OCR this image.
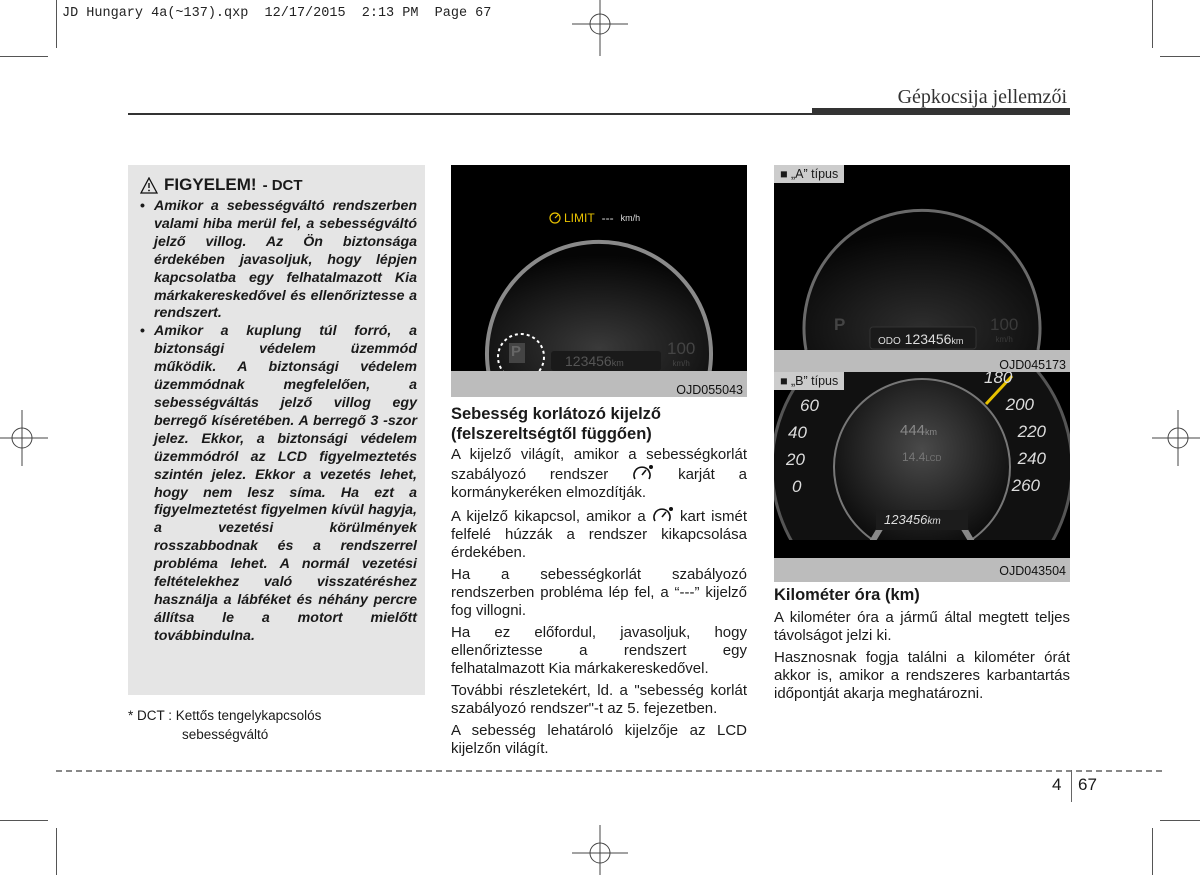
JD Hungary 4a(~137).qxp  12/17/2015  2:13 PM  Page 67
Gépkocsija jellemzői
FIGYELEM! - DCT
• Amikor a sebességváltó rendszerben valami hiba merül fel, a sebességváltó jelző villog. Az Ön biztonsága érdekében javasoljuk, hogy lépjen kapcsolatba egy felhatalmazott Kia márkakereskedővel és ellenőriztesse a rendszert.
• Amikor a kuplung túl forró, a biztonsági védelem üzemmód működik. A biztonsági védelem üzemmódnak megfelelően, a sebességváltás jelző villog egy berregő kíséretében. A berregő 3 -szor jelez. Ekkor, a biztonsági védelem üzemmódról az LCD figyelmeztetés szintén jelez. Ekkor a vezetés lehet, hogy nem lesz síma. Ha ezt a figyelmeztetést figyelmen kívül hagyja, a vezetési körülmények rosszabbodnak és a rendszerrel probléma lehet. A normál vezetési feltételekhez való visszatéréshez használja a lábféket és néhány percre állítsa le a motort mielőtt továbbindulna.
* DCT : Kettős tengelykapcsolós
sebességváltó
LIMIT --- km/h
123456km
P	100
km/h
OJD055043
Sebesség korlátozó kijelző (felszereltségtől függően)

A kijelző világít, amikor a sebességkorlát szabályozó rendszer	karját a kormánykeréken elmozdítják.

A kijelző kikapcsol, amikor a kart ismét felfelé húzzák a rendszer kikapcsolása érdekében.

Ha a sebességkorlát szabályozó rendszerben probléma lép fel, a “---” kijelző fog villogni.

Ha ez előfordul, javasoljuk, hogy ellenőriztesse a rendszert egy felhatalmazott Kia márkakereskedővel.

További részletekért, ld. a "sebesség korlát szabályozó rendszer"-t az 5. fejezetben.

A sebesség lehatároló kijelzője az LCD kijelzőn világít.

■ „A” típus
P
ODO 123456km
100
km/h
OJD045173
■ „B” típus
60
40
20
0
180
200
220
240
260
444km
14.4LCD
123456km
OJD043504
Kilométer óra (km)

A kilométer óra a jármű által megtett teljes távolságot jelzi ki.

Hasznosnak fogja találni a kilométer órát akkor is, amikor a rendszeres karbantartás időpontját akarja meghatározni.

4 67
